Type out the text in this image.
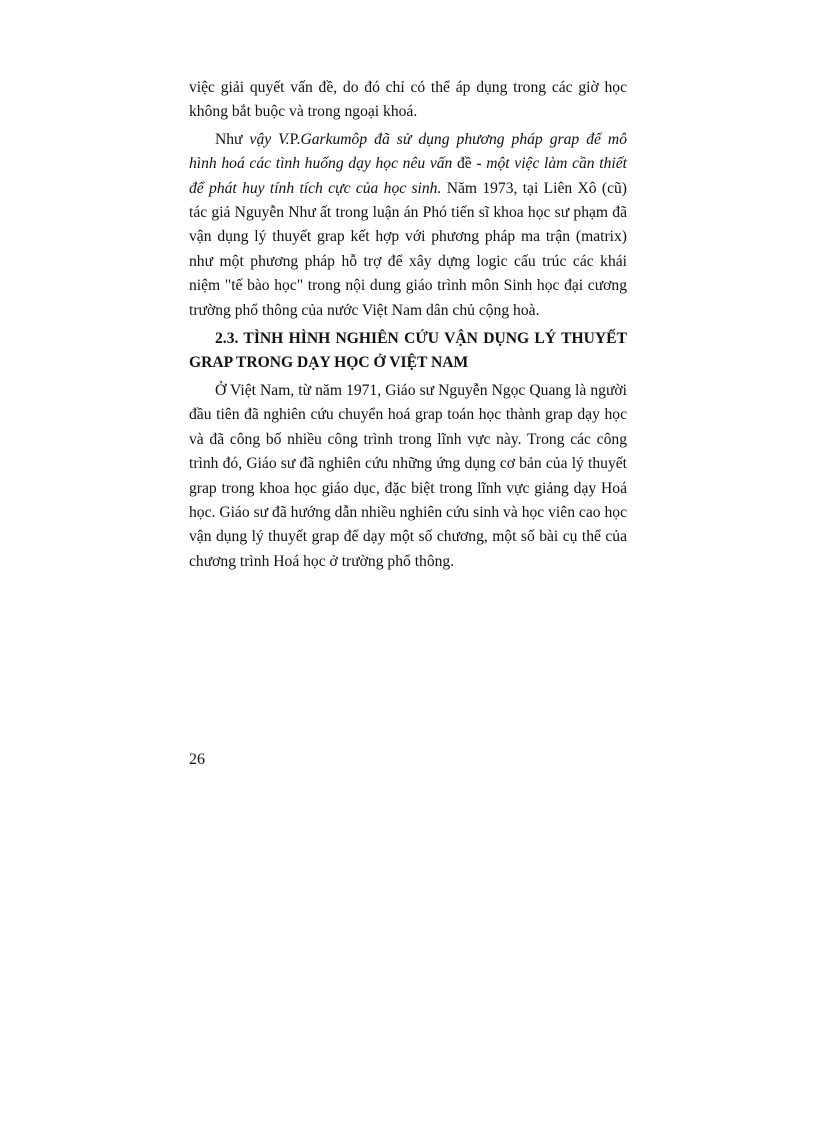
việc giải quyết vấn đề, do đó chỉ có thể áp dụng trong các giờ học không bắt buộc và trong ngoại khoá.

Như vậy V.P.Garkumôp đã sử dụng phương pháp grap để mô hình hoá các tình huống dạy học nêu vấn đề - một việc làm cần thiết để phát huy tính tích cực của học sinh. Năm 1973, tại Liên Xô (cũ) tác giả Nguyễn Như ất trong luận án Phó tiến sĩ khoa học sư phạm đã vận dụng lý thuyết grap kết hợp với phương pháp ma trận (matrix) như một phương pháp hỗ trợ để xây dựng logic cấu trúc các khái niệm "tế bào học" trong nội dung giáo trình môn Sinh học đại cương trường phổ thông của nước Việt Nam dân chủ cộng hoà.

2.3. TÌNH HÌNH NGHIÊN CỨU VẬN DỤNG LÝ THUYẾT GRAP TRONG DẠY HỌC Ở VIỆT NAM

Ở Việt Nam, từ năm 1971, Giáo sư Nguyễn Ngọc Quang là người đầu tiên đã nghiên cứu chuyển hoá grap toán học thành grap dạy học và đã công bố nhiều công trình trong lĩnh vực này. Trong các công trình đó, Giáo sư đã nghiên cứu những ứng dụng cơ bản của lý thuyết grap trong khoa học giáo dục, đặc biệt trong lĩnh vực giảng dạy Hoá học. Giáo sư đã hướng dẫn nhiều nghiên cứu sinh và học viên cao học vận dụng lý thuyết grap để dạy một số chương, một số bài cụ thể của chương trình Hoá học ở trường phổ thông.

26
